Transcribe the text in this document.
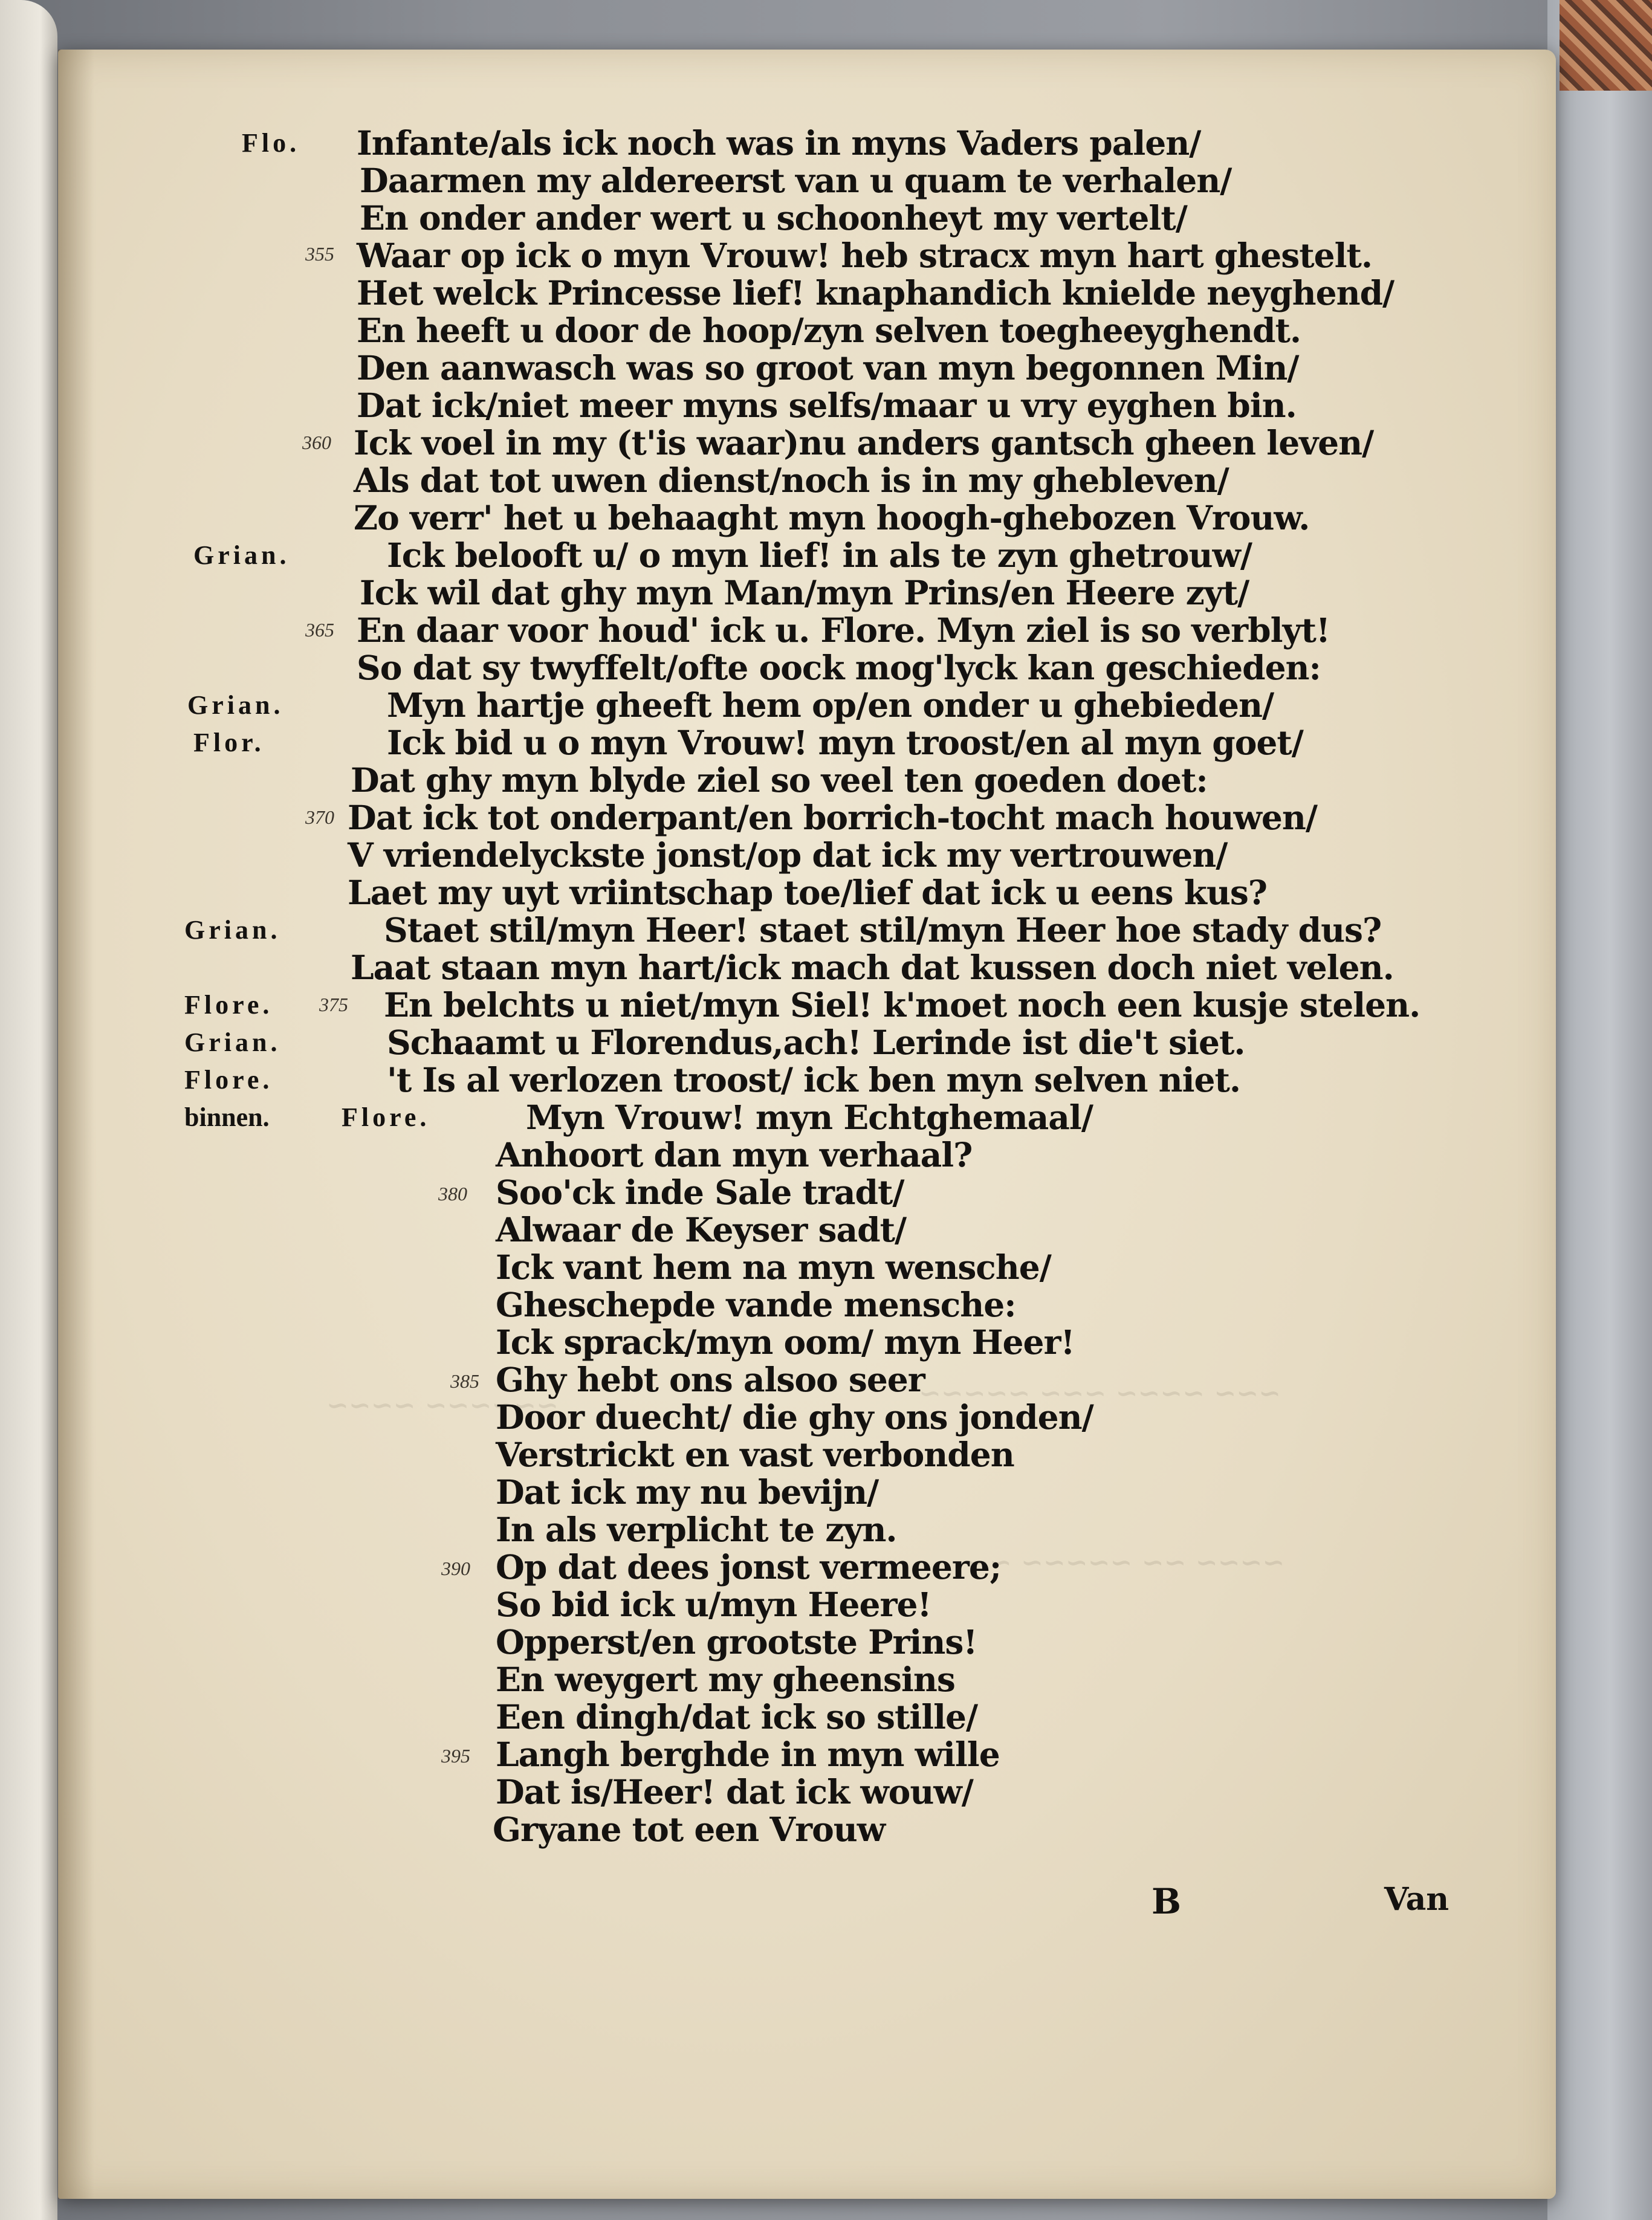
~~~ ~~~~ ~~~ ~~~~~
~~~~ ~~ ~~~~~ ~~
~~~~~~ ~~~~
Flo. Infante/als ick noch was in myns Vaders palen/
Daarmen my aldereerst van u quam te verhalen/
En onder ander wert u schoonheyt my vertelt/
Waar op ick o myn Vrouw! heb stracx myn hart ghestelt.
Het welck Princesse lief! knaphandich knielde neyghend/
En heeft u door de hoop/zyn selven toegheeyghendt.
Den aanwasch was so groot van myn begonnen Min/
Dat ick/niet meer myns selfs/maar u vry eyghen bin.
Ick voel in my (t'is waar)nu anders gantsch gheen leven/
Als dat tot uwen dienst/noch is in my ghebleven/
Zo verr' het u behaaght myn hoogh-ghebozen Vrouw.
Grian.	Ick belooft u/ o myn lief! in als te zyn ghetrouw/
Ick wil dat ghy myn Man/myn Prins/en Heere zyt/
En daar voor houd' ick u. Flore. Myn ziel is so verblyt!
So dat sy twyffelt/ofte oock mog'lyck kan geschieden:
Grian.	Myn hartje gheeft hem op/en onder u ghebieden/
Flor.	Ick bid u o myn Vrouw! myn troost/en al myn goet/
Dat ghy myn blyde ziel so veel ten goeden doet:
Dat ick tot onderpant/en borrich-tocht mach houwen/
V vriendelyckste jonst/op dat ick my vertrouwen/
Laet my uyt vriintschap toe/lief dat ick u eens kus?
Grian.	Staet stil/myn Heer! staet stil/myn Heer hoe stady dus?
Laat staan myn hart/ick mach dat kussen doch niet velen.
Flore.	En belchts u niet/myn Siel! k'moet noch een kusje stelen.
Grian.	Schaamt u Florendus,ach! Lerinde ist die't siet.
Flore.	't Is al verlozen troost/ ick ben myn selven niet.
binnen.	Flore.	Myn Vrouw! myn Echtghemaal/
Anhoort dan myn verhaal?
Soo'ck inde Sale tradt/
Alwaar de Keyser sadt/
Ick vant hem na myn wensche/
Gheschepde vande mensche:
Ick sprack/myn oom/ myn Heer!
Ghy hebt ons alsoo seer
Door duecht/ die ghy ons jonden/
Verstrickt en vast verbonden
Dat ick my nu bevijn/
In als verplicht te zyn.
Op dat dees jonst vermeere;
So bid ick u/myn Heere!
Opperst/en grootste Prins!
En weygert my gheensins
Een dingh/dat ick so stille/
Langh berghde in myn wille
Dat is/Heer! dat ick wouw/
Gryane tot een Vrouw
355
360
365
370
375
380
385
390
395
B	Van
